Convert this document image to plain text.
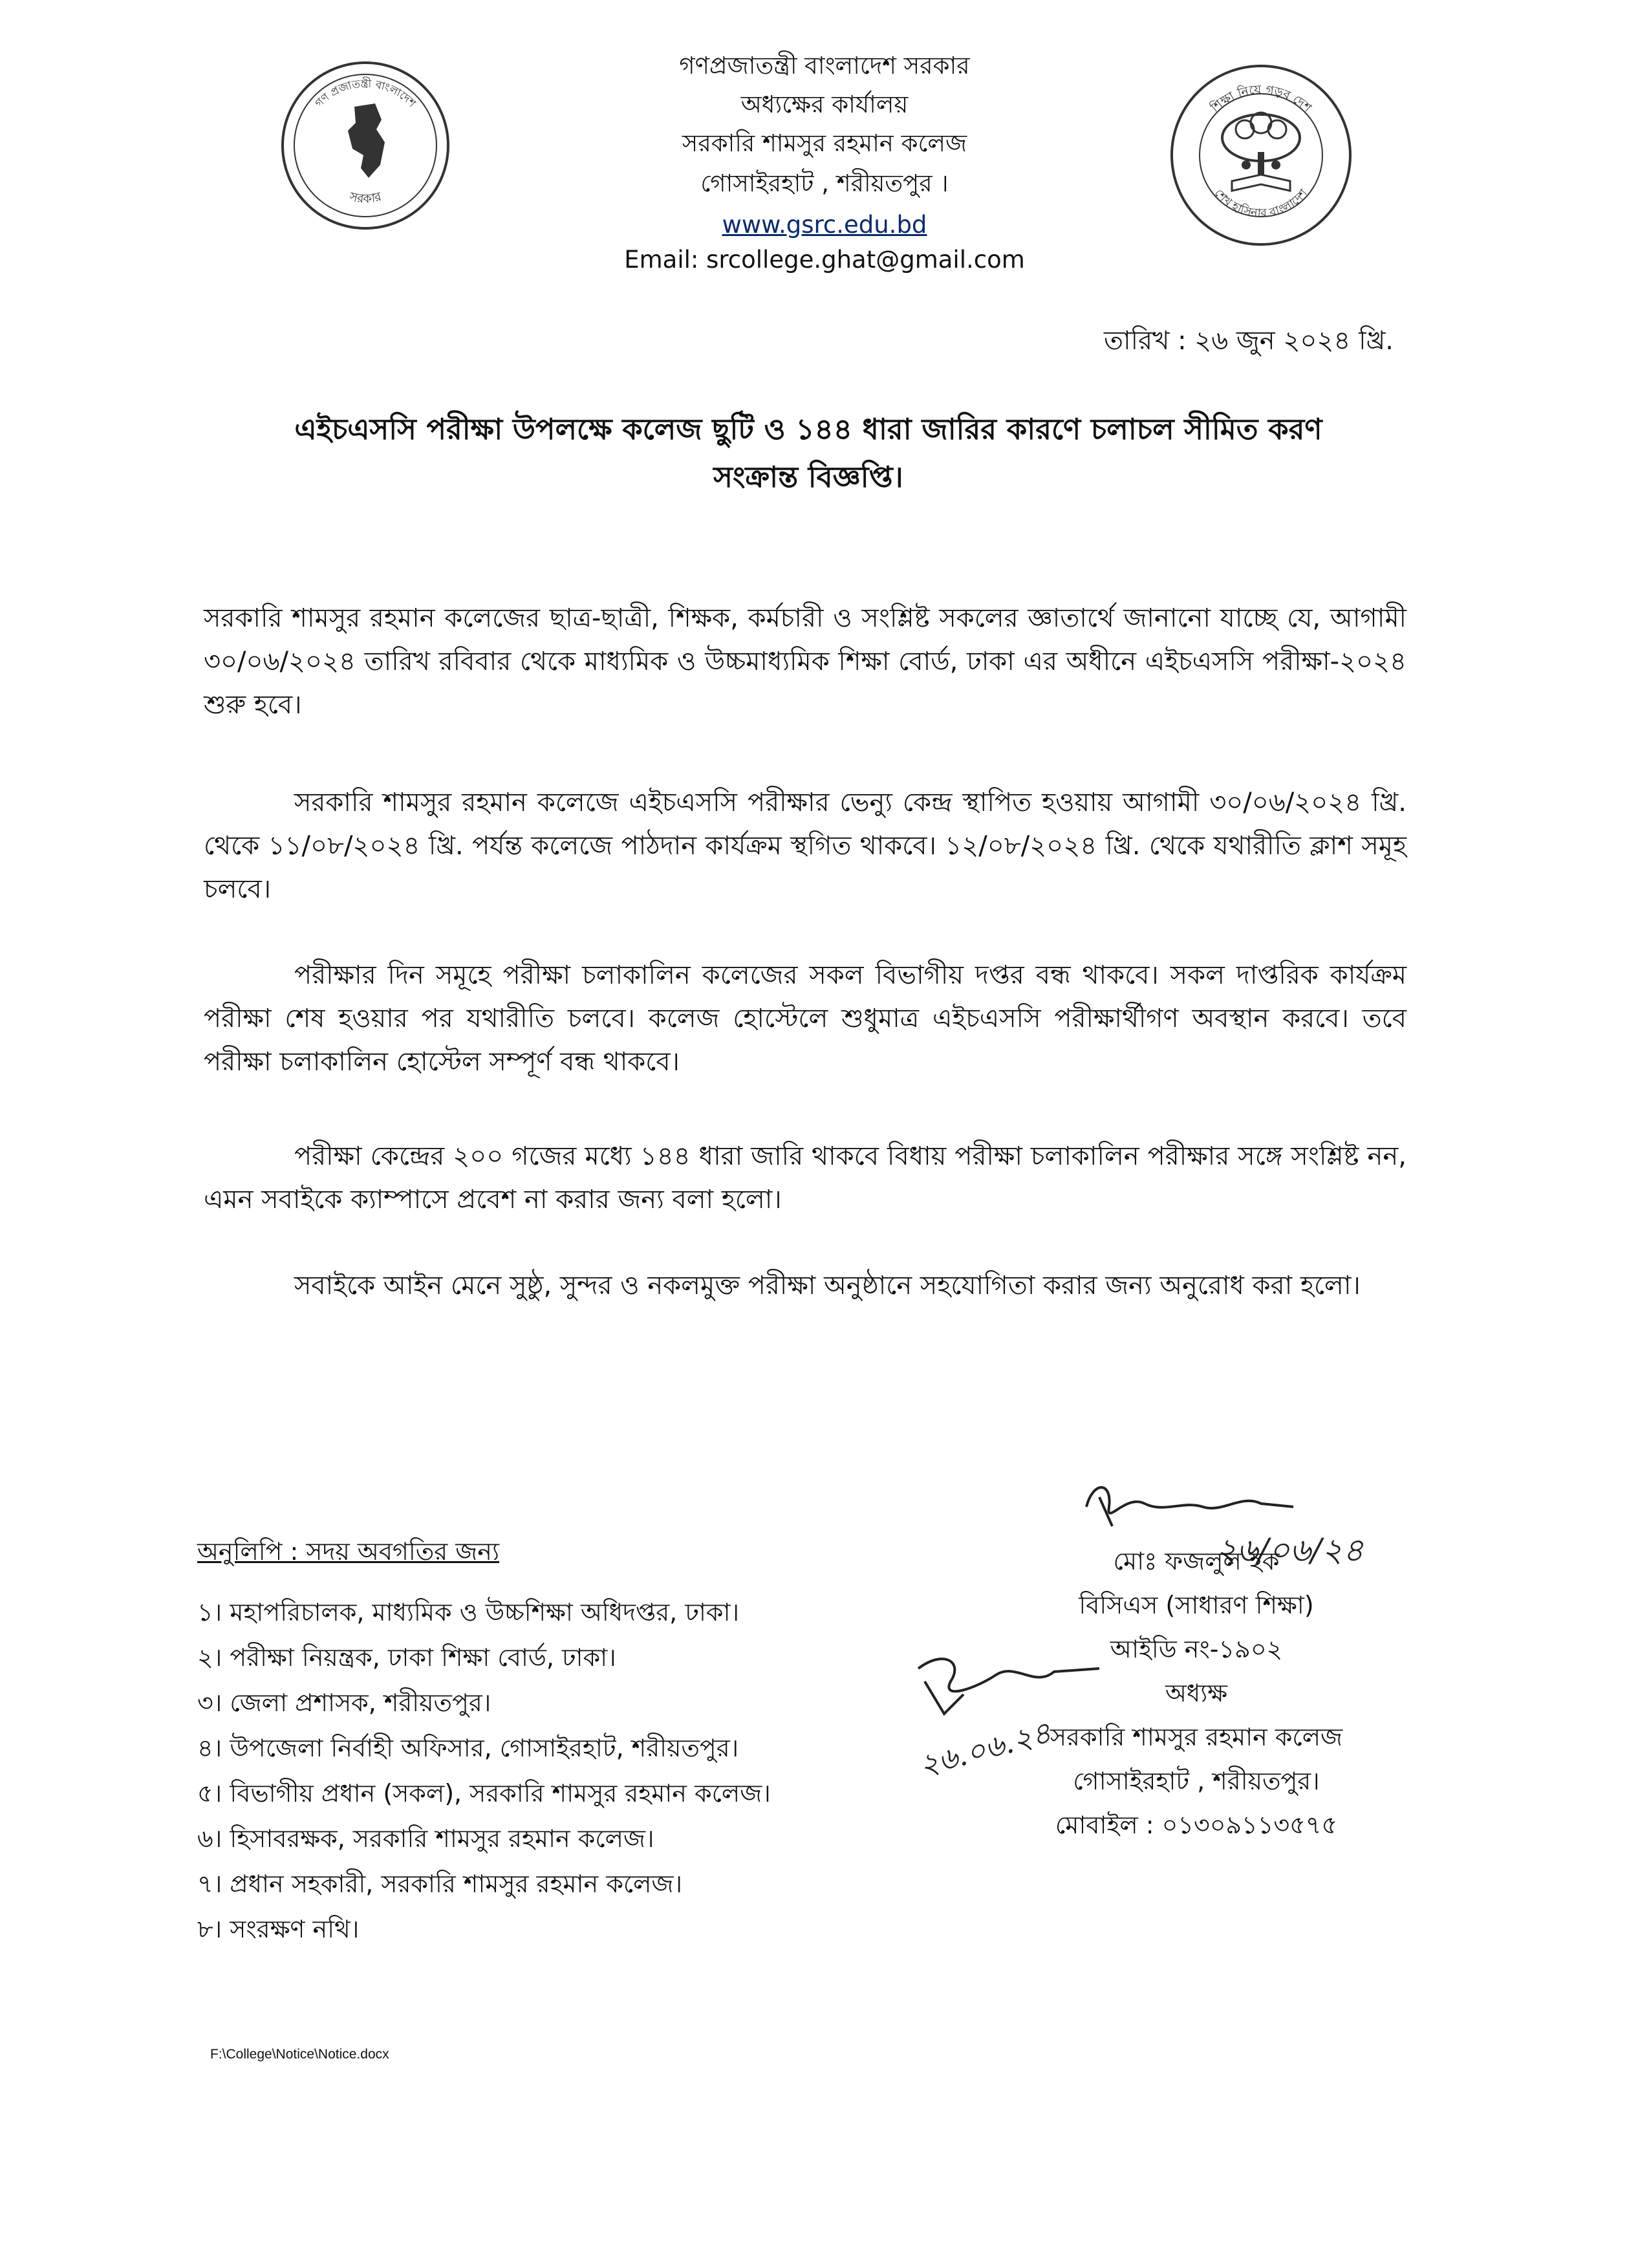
গণ প্রজাতন্ত্রী বাংলাদেশ
সরকার
শিক্ষা নিয়ে গড়ব দেশ
শেখ হাসিনার বাংলাদেশ
গণপ্রজাতন্ত্রী বাংলাদেশ সরকার
অধ্যক্ষের কার্যালয়
সরকারি শামসুর রহমান কলেজ
গোসাইরহাট , শরীয়তপুর ।
www.gsrc.edu.bd
Email: srcollege.ghat@gmail.com
তারিখ : ২৬ জুন ২০২৪ খ্রি.
এইচএসসি পরীক্ষা উপলক্ষে কলেজ ছুটি ও ১৪৪ ধারা জারির কারণে চলাচল সীমিত করণ
সংক্রান্ত বিজ্ঞপ্তি।
সরকারি শামসুর রহমান কলেজের ছাত্র-ছাত্রী, শিক্ষক, কর্মচারী ও সংশ্লিষ্ট সকলের জ্ঞাতার্থে জানানো যাচ্ছে যে, আগামী ৩০/০৬/২০২৪ তারিখ রবিবার থেকে মাধ্যমিক ও উচ্চমাধ্যমিক শিক্ষা বোর্ড, ঢাকা এর অধীনে এইচএসসি পরীক্ষা-২০২৪ শুরু হবে।
সরকারি শামসুর রহমান কলেজে এইচএসসি পরীক্ষার ভেন্যু কেন্দ্র স্থাপিত হওয়ায় আগামী ৩০/০৬/২০২৪ খ্রি. থেকে ১১/০৮/২০২৪ খ্রি. পর্যন্ত কলেজে পাঠদান কার্যক্রম স্থগিত থাকবে। ১২/০৮/২০২৪ খ্রি. থেকে যথারীতি ক্লাশ সমূহ চলবে।
পরীক্ষার দিন সমূহে পরীক্ষা চলাকালিন কলেজের সকল বিভাগীয় দপ্তর বন্ধ থাকবে। সকল দাপ্তরিক কার্যক্রম পরীক্ষা শেষ হওয়ার পর যথারীতি চলবে। কলেজ হোস্টেলে শুধুমাত্র এইচএসসি পরীক্ষার্থীগণ অবস্থান করবে। তবে পরীক্ষা চলাকালিন হোস্টেল সম্পূর্ণ বন্ধ থাকবে।
পরীক্ষা কেন্দ্রের ২০০ গজের মধ্যে ১৪৪ ধারা জারি থাকবে বিধায় পরীক্ষা চলাকালিন পরীক্ষার সঙ্গে সংশ্লিষ্ট নন, এমন সবাইকে ক্যাম্পাসে প্রবেশ না করার জন্য বলা হলো।
সবাইকে আইন মেনে সুষ্ঠু, সুন্দর ও নকলমুক্ত পরীক্ষা অনুষ্ঠানে সহযোগিতা করার জন্য অনুরোধ করা হলো।
২৬/০৬/২৪
২৬.০৬.২৪
মোঃ ফজলুল হক
বিসিএস (সাধারণ শিক্ষা)
আইডি নং-১৯০২
অধ্যক্ষ
সরকারি শামসুর রহমান কলেজ
গোসাইরহাট , শরীয়তপুর।
মোবাইল : ০১৩০৯১১৩৫৭৫
অনুলিপি : সদয় অবগতির জন্য
১। মহাপরিচালক, মাধ্যমিক ও উচ্চশিক্ষা অধিদপ্তর, ঢাকা।
২। পরীক্ষা নিয়ন্ত্রক, ঢাকা শিক্ষা বোর্ড, ঢাকা।
৩। জেলা প্রশাসক, শরীয়তপুর।
৪। উপজেলা নির্বাহী অফিসার, গোসাইরহাট, শরীয়তপুর।
৫। বিভাগীয় প্রধান (সকল), সরকারি শামসুর রহমান কলেজ।
৬। হিসাবরক্ষক, সরকারি শামসুর রহমান কলেজ।
৭। প্রধান সহকারী, সরকারি শামসুর রহমান কলেজ।
৮। সংরক্ষণ নথি।
F:\College\Notice\Notice.docx
